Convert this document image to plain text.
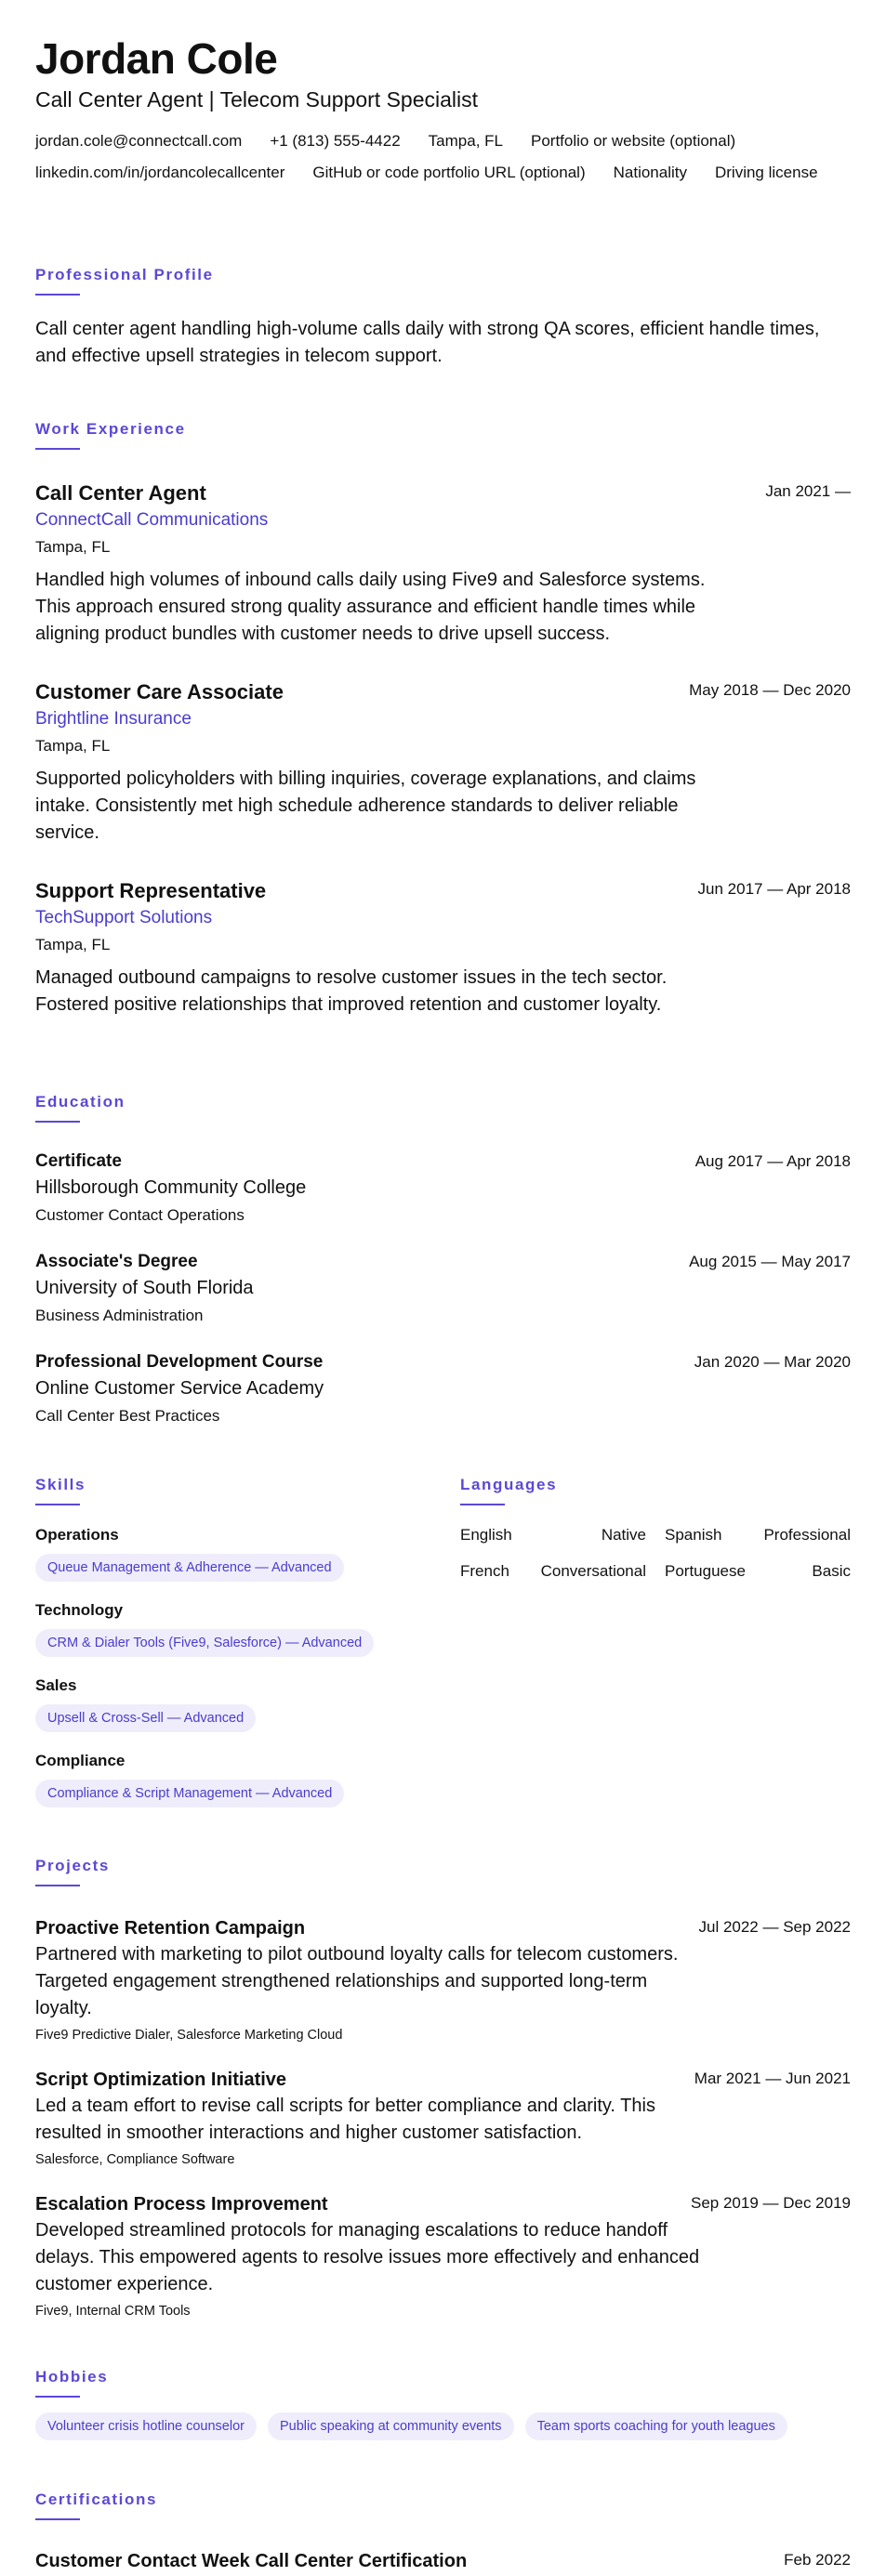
Jordan Cole
Call Center Agent | Telecom Support Specialist
jordan.cole@connectcall.com +1 (813) 555-4422 Tampa, FL Portfolio or website (optional)
linkedin.com/in/jordancolecallcenter GitHub or code portfolio URL (optional) Nationality Driving license
Professional Profile

Call center agent handling high-volume calls daily with strong QA scores, efficient handle times, and effective upsell strategies in telecom support.

Work Experience
Call Center Agent
ConnectCall Communications
Tampa, FL

Handled high volumes of inbound calls daily using Five9 and Salesforce systems. This approach ensured strong quality assurance and efficient handle times while aligning product bundles with customer needs to drive upsell success.

Jan 2021 —
Customer Care Associate
Brightline Insurance
Tampa, FL

Supported policyholders with billing inquiries, coverage explanations, and claims intake. Consistently met high schedule adherence standards to deliver reliable service.

May 2018 — Dec 2020
Support Representative
TechSupport Solutions
Tampa, FL

Managed outbound campaigns to resolve customer issues in the tech sector. Fostered positive relationships that improved retention and customer loyalty.

Jun 2017 — Apr 2018
Education
Certificate
Hillsborough Community College
Customer Contact Operations
Aug 2017 — Apr 2018
Associate's Degree
University of South Florida
Business Administration
Aug 2015 — May 2017
Professional Development Course
Online Customer Service Academy
Call Center Best Practices
Jan 2020 — Mar 2020
Skills
Operations
Queue Management & Adherence — Advanced
Technology
CRM & Dialer Tools (Five9, Salesforce) — Advanced
Sales
Upsell & Cross-Sell — Advanced
Compliance
Compliance & Script Management — Advanced
Languages
English	Native Spanish	Professional
French Conversational Portuguese	Basic
Projects
Proactive Retention Campaign

Partnered with marketing to pilot outbound loyalty calls for telecom customers. Targeted engagement strengthened relationships and supported long-term loyalty.

Five9 Predictive Dialer, Salesforce Marketing Cloud
Jul 2022 — Sep 2022
Script Optimization Initiative

Led a team effort to revise call scripts for better compliance and clarity. This resulted in smoother interactions and higher customer satisfaction.

Salesforce, Compliance Software
Mar 2021 — Jun 2021
Escalation Process Improvement

Developed streamlined protocols for managing escalations to reduce handoff delays. This empowered agents to resolve issues more effectively and enhanced customer experience.

Five9, Internal CRM Tools
Sep 2019 — Dec 2019
Hobbies
Volunteer crisis hotline counselor	Public speaking at community events	Team sports coaching for youth leagues
Certifications
Customer Contact Week Call Center Certification	Feb 2022
